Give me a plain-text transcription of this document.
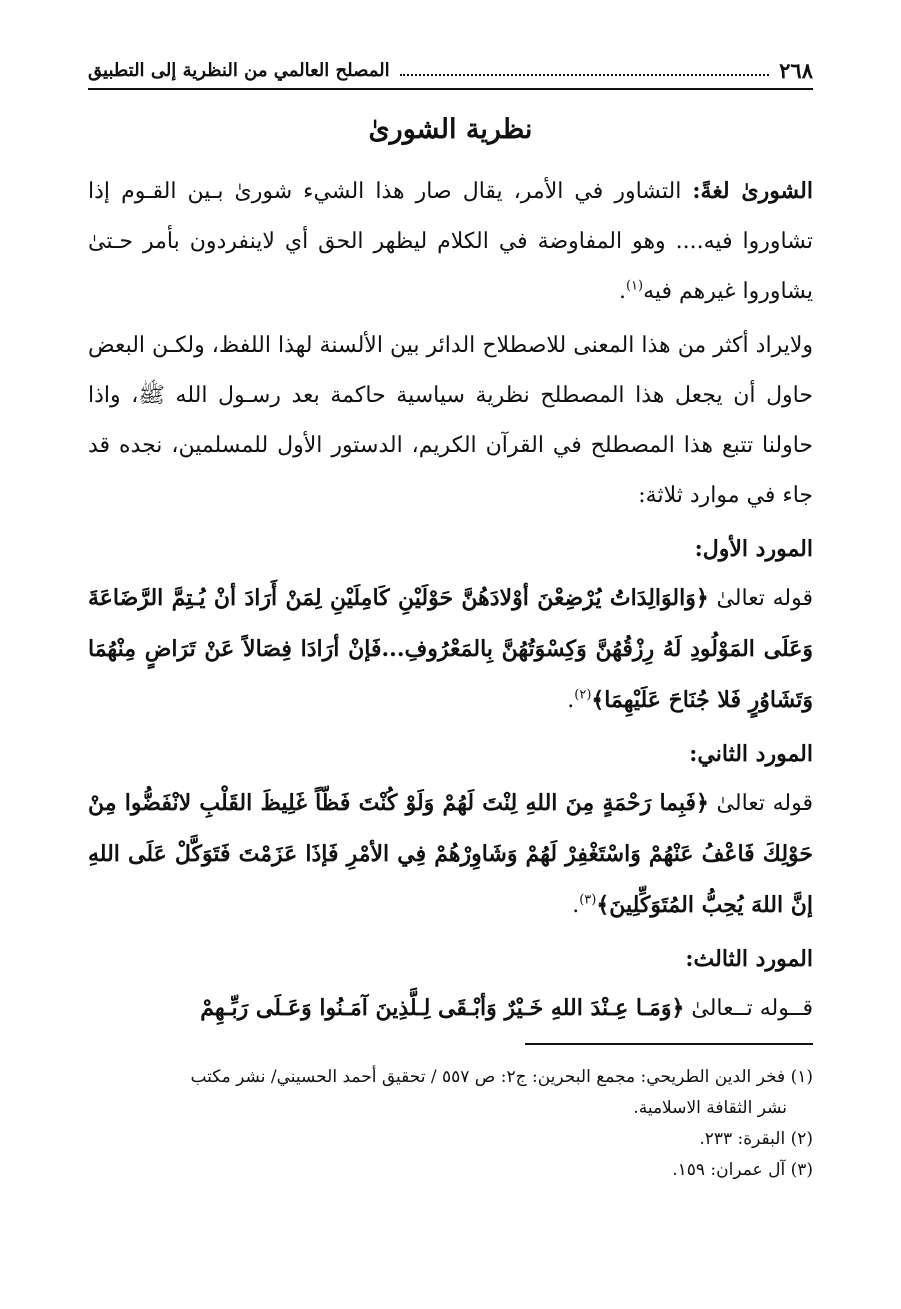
٢٦٨
المصلح العالمي من النظرية إلى التطبيق
نظرية الشورىٰ

الشورىٰ لغةً: التشاور في الأمر، يقال صار هذا الشيء شورىٰ بـين القـوم إذا تشاوروا فيه.... وهو المفاوضة في الكلام ليظهر الحق أي لاينفردون بأمر حـتىٰ يشاوروا غيرهم فيه$^{(١)}$.

ولايراد أكثر من هذا المعنى للاصطلاح الدائر بين الألسنة لهذا اللفظ، ولكـن البعض حاول أن يجعل هذا المصطلح نظرية سياسية حاكمة بعد رسـول الله ﷺ، واذا حاولنا تتبع هذا المصطلح في القرآن الكريم، الدستور الأول للمسلمين، نجده قد جاء في موارد ثلاثة:

المورد الأول:

قوله تعالىٰ ﴿وَالوَالِدَاتُ يُرْضِعْنَ أوْلادَهُنَّ حَوْلَيْنِ كَامِلَيْنِ لِمَنْ أَرَادَ أنْ يُـتِمَّ الرَّضَاعَةَ وَعَلَى المَوْلُودِ لَهُ رِزْقُهُنَّ وَكِسْوَتُهُنَّ بِالمَعْرُوفِ...فَإنْ أرَادَا فِصَالاً عَنْ تَرَاضٍ مِنْهُمَا وَتَشَاوُرٍ فَلا جُنَاحَ عَلَيْهِمَا﴾$^{(٢)}$.

المورد الثاني:

قوله تعالىٰ ﴿فَبِما رَحْمَةٍ مِنَ اللهِ لِنْتَ لَهُمْ وَلَوْ كُنْتَ فَظّاً غَلِيظَ القَلْبِ لانْفَضُّوا مِنْ حَوْلِكَ فَاعْفُ عَنْهُمْ وَاسْتَغْفِرْ لَهُمْ وَشَاوِرْهُمْ فِي الأمْرِ فَإذَا عَزَمْتَ فَتَوَكَّلْ عَلَى اللهِ إنَّ اللهَ يُحِبُّ المُتَوَكِّلِينَ﴾$^{(٣)}$.

المورد الثالث:

قــوله تــعالىٰ ﴿وَمَـا عِـنْدَ اللهِ خَـيْرٌ وَأبْـقَى لِـلَّذِينَ آمَـنُوا وَعَـلَى رَبِّـهِمْ

(١) فخر الدين الطريحي: مجمع البحرين: ج٢: ص ٥٥٧ / تحقيق أحمد الحسيني/ نشر مكتب

نشر الثقافة الاسلامية.

(٢) البقرة: ٢٣٣.

(٣) آل عمران: ١٥٩.
